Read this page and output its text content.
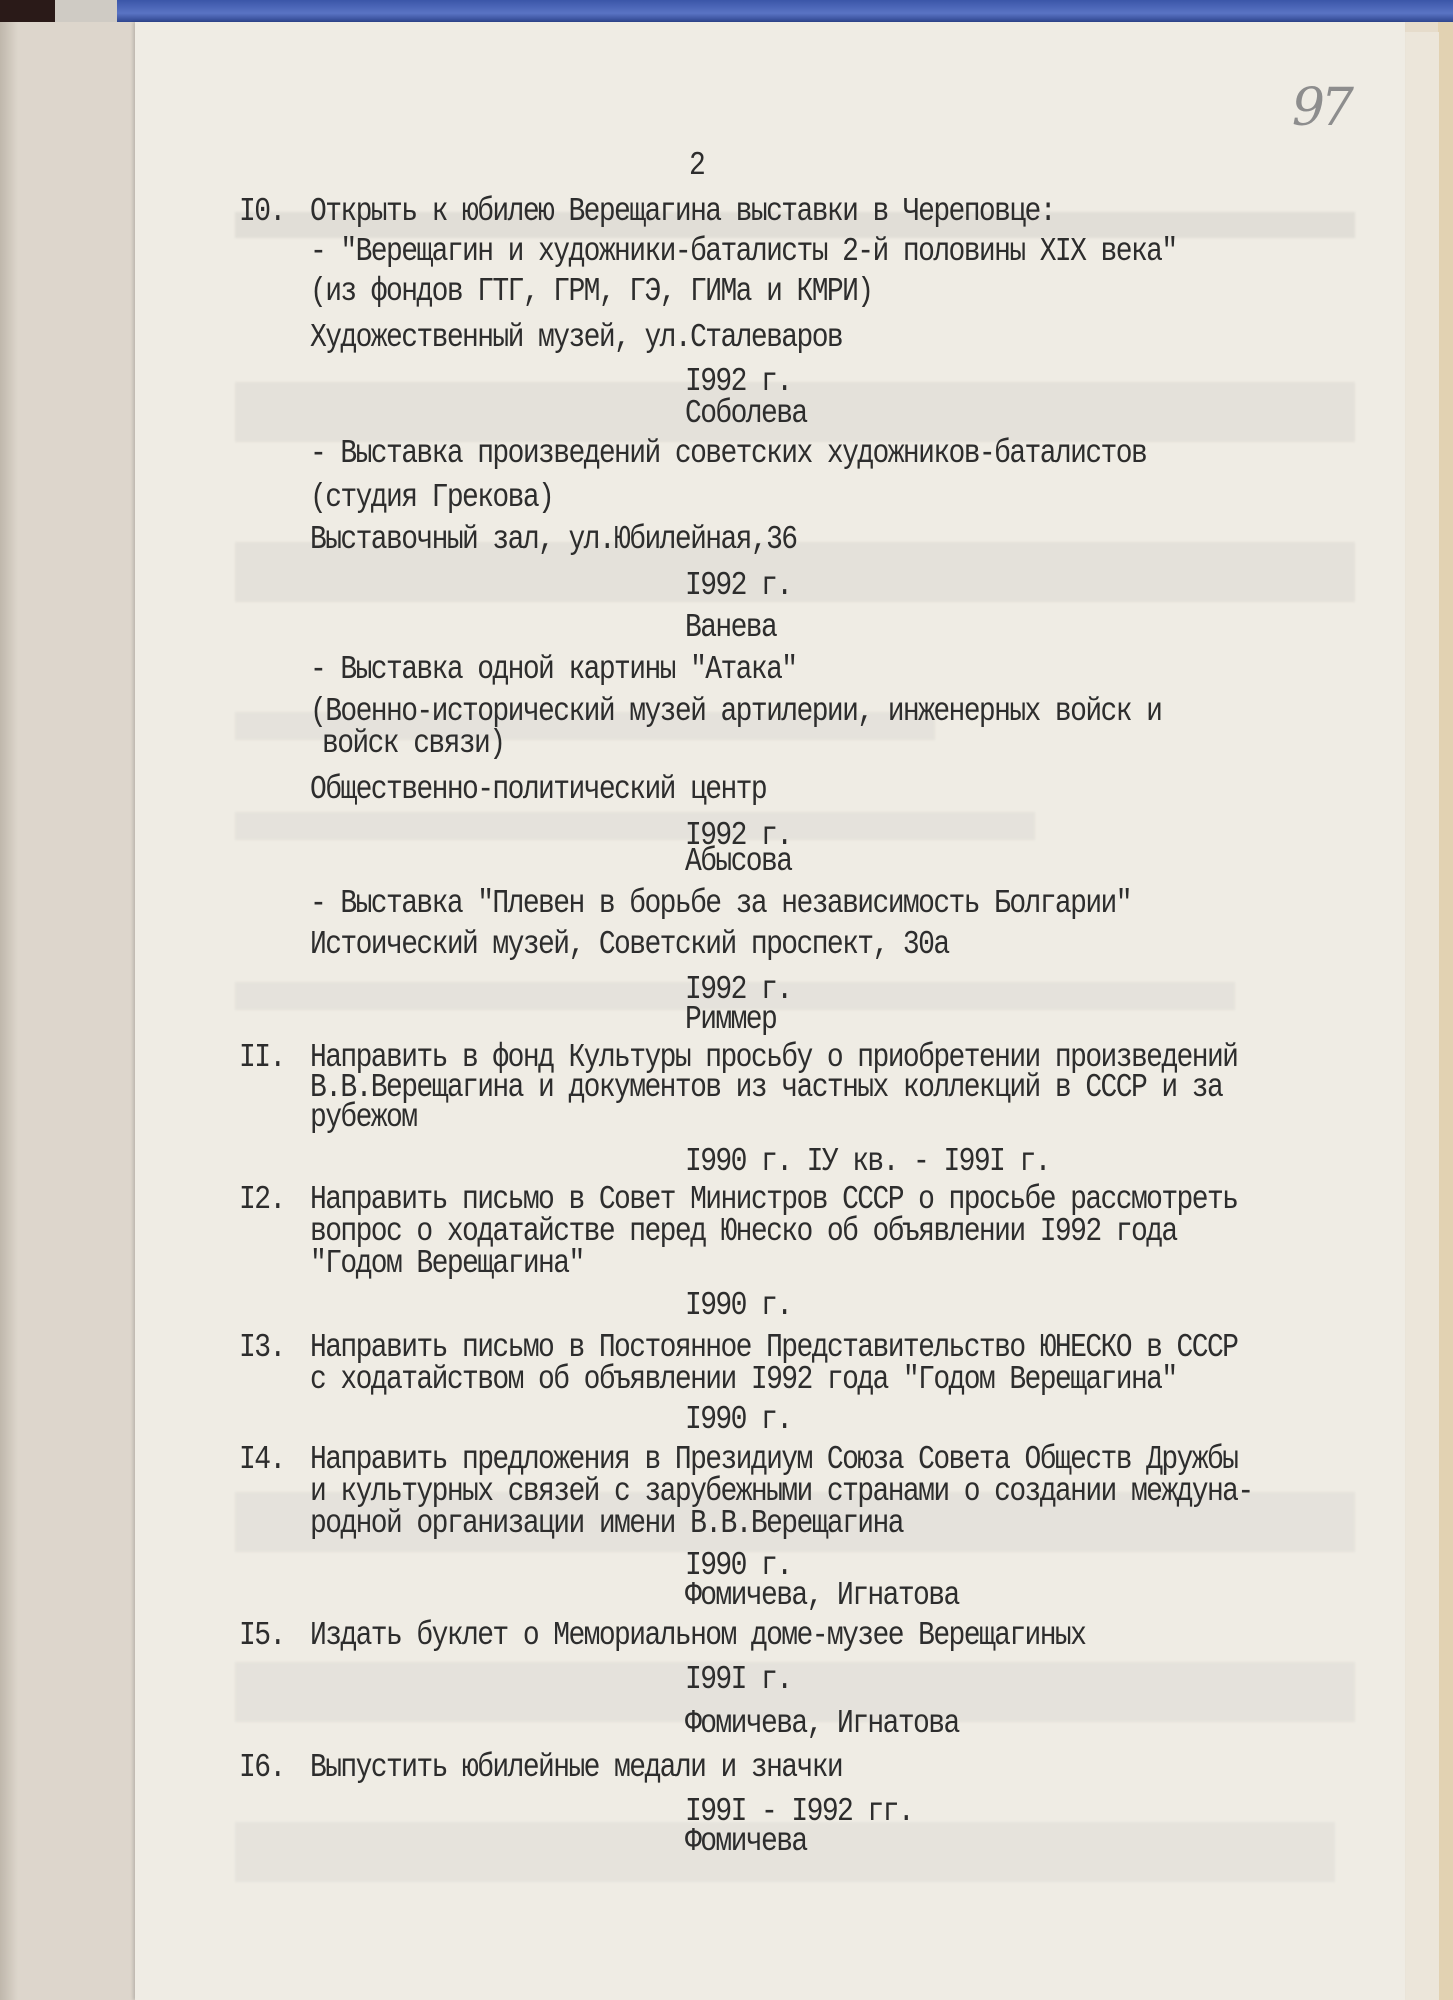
97
2
I0. Открыть к юбилею Верещагина выставки в Череповце:
- "Верещагин и художники-баталисты 2-й половины XIX века"
(из фондов ГТГ, ГРМ, ГЭ, ГИМа и КМРИ)
Художественный музей, ул.Сталеваров
I992 г.
Соболева
- Выставка произведений советских художников-баталистов
(студия Грекова)
Выставочный зал, ул.Юбилейная,36
I992 г.
Ванева
- Выставка одной картины "Атака"
(Военно-исторический музей артилерии, инженерных войск и
войск связи)
Общественно-политический центр
I992 г.
Абысова
- Выставка "Плевен в борьбе за независимость Болгарии"
Истоический музей, Советский проспект, 30а
I992 г.
Риммер
II. Направить в фонд Культуры просьбу о приобретении произведений
В.В.Верещагина и документов из частных коллекций в СССР и за
рубежом
I990 г. IУ кв. - I99I г.
I2. Направить письмо в Совет Министров СССР о просьбе рассмотреть
вопрос о ходатайстве перед Юнеско об объявлении I992 года
"Годом Верещагина"
I990 г.
I3. Направить письмо в Постоянное Представительство ЮНЕСКО в СССР
с ходатайством об объявлении I992 года "Годом Верещагина"
I990 г.
I4. Направить предложения в Президиум Союза Совета Обществ Дружбы
и культурных связей с зарубежными странами о создании междуна-
родной организации имени В.В.Верещагина
I990 г.
Фомичева, Игнатова
I5. Издать буклет о Мемориальном доме-музее Верещагиных
I99I г.
Фомичева, Игнатова
I6. Выпустить юбилейные медали и значки
I99I - I992 гг.
Фомичева
